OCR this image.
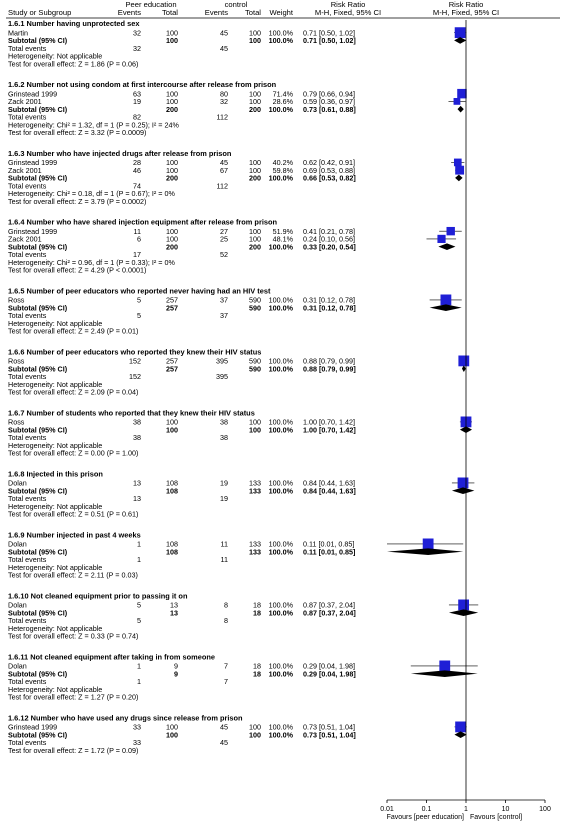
Peer education	control	Risk Ratio	Risk Ratio
Study or Subgroup	Events	Total	Events Total Weight	M-H, Fixed, 95% CI	M-H, Fixed, 95% CI
1.6.1 Number having unprotected sex
Martin	32	100	45	100 100.0% 0.71 [0.50, 1.02]
Subtotal (95% CI)	100	100 100.0% 0.71 [0.50, 1.02]
Total events	32	45
Heterogeneity: Not applicable
Test for overall effect: Z = 1.86 (P = 0.06)
1.6.2 Number not using condom at first intercourse after release from prison
Grinstead 1999	63	100	80	100 71.4% 0.79 [0.66, 0.94]
Zack 2001	19	100	32	100 28.6% 0.59 [0.36, 0.97]
Subtotal (95% CI)	200	200 100.0% 0.73 [0.61, 0.88]
Total events	82	112
Heterogeneity: Chi² = 1.32, df = 1 (P = 0.25); I² = 24%
Test for overall effect: Z = 3.32 (P = 0.0009)
1.6.3 Number who have injected drugs after release from prison
Grinstead 1999	28	100	45	100 40.2% 0.62 [0.42, 0.91]
Zack 2001	46	100	67	100 59.8% 0.69 [0.53, 0.88]
Subtotal (95% CI)	200	200 100.0% 0.66 [0.53, 0.82]
Total events	74	112
Heterogeneity: Chi² = 0.18, df = 1 (P = 0.67); I² = 0%
Test for overall effect: Z = 3.79 (P = 0.0002)
1.6.4 Number who have shared injection equipment after release from prison
Grinstead 1999	11	100	27	100 51.9% 0.41 [0.21, 0.78]
Zack 2001	6	100	25	100 48.1% 0.24 [0.10, 0.56]
Subtotal (95% CI)	200	200 100.0% 0.33 [0.20, 0.54]
Total events	17	52
Heterogeneity: Chi² = 0.96, df = 1 (P = 0.33); I² = 0%
Test for overall effect: Z = 4.29 (P < 0.0001)
1.6.5 Number of peer educators who reported never having had an HIV test
Ross	5	257	37	590 100.0% 0.31 [0.12, 0.78]
Subtotal (95% CI)	257	590 100.0% 0.31 [0.12, 0.78]
Total events	5	37
Heterogeneity: Not applicable
Test for overall effect: Z = 2.49 (P = 0.01)
1.6.6 Number of peer educators who reported they knew their HIV status
Ross	152	257	395	590 100.0% 0.88 [0.79, 0.99]
Subtotal (95% CI)	257	590 100.0% 0.88 [0.79, 0.99]
Total events	152	395
Heterogeneity: Not applicable
Test for overall effect: Z = 2.09 (P = 0.04)
1.6.7 Number of students who reported that they knew their HIV status
Ross	38	100	38	100 100.0% 1.00 [0.70, 1.42]
Subtotal (95% CI)	100	100 100.0% 1.00 [0.70, 1.42]
Total events	38	38
Heterogeneity: Not applicable
Test for overall effect: Z = 0.00 (P = 1.00)
1.6.8 Injected in this prison
Dolan	13	108	19	133 100.0% 0.84 [0.44, 1.63]
Subtotal (95% CI)	108	133 100.0% 0.84 [0.44, 1.63]
Total events	13	19
Heterogeneity: Not applicable
Test for overall effect: Z = 0.51 (P = 0.61)
1.6.9 Number injected in past 4 weeks
Dolan	1	108	11	133 100.0% 0.11 [0.01, 0.85]
Subtotal (95% CI)	108	133 100.0% 0.11 [0.01, 0.85]
Total events	1	11
Heterogeneity: Not applicable
Test for overall effect: Z = 2.11 (P = 0.03)
1.6.10 Not cleaned equipment prior to passing it on
Dolan	5	13	8	18 100.0% 0.87 [0.37, 2.04]
Subtotal (95% CI)	13	18 100.0% 0.87 [0.37, 2.04]
Total events	5	8
Heterogeneity: Not applicable
Test for overall effect: Z = 0.33 (P = 0.74)
1.6.11 Not cleaned equipment after taking in from someone
Dolan	1	9	7	18 100.0% 0.29 [0.04, 1.98]
Subtotal (95% CI)	9	18 100.0% 0.29 [0.04, 1.98]
Total events	1	7
Heterogeneity: Not applicable
Test for overall effect: Z = 1.27 (P = 0.20)
1.6.12 Number who have used any drugs since release from prison
Grinstead 1999	33	100	45	100 100.0% 0.73 [0.51, 1.04]
Subtotal (95% CI)	100	100 100.0% 0.73 [0.51, 1.04]
Total events	33	45
Test for overall effect: Z = 1.72 (P = 0.09)
0.01	0.1	1	10	100
Favours [peer education] Favours [control]
